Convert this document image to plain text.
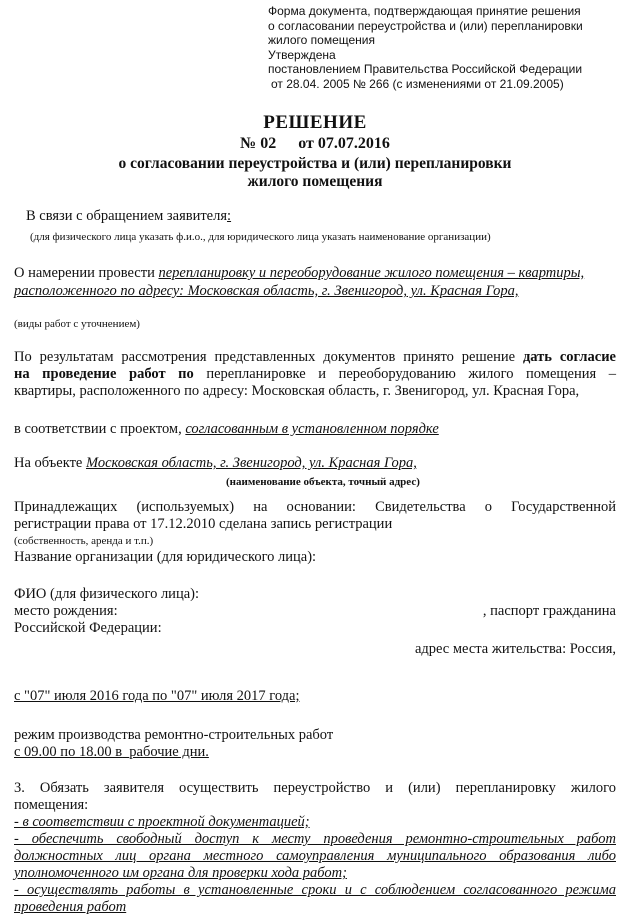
Форма документа, подтверждающая принятие решения
о согласовании переустройства и (или) перепланировки
жилого помещения
Утверждена
постановлением Правительства Российской Федерации
от 28.04. 2005 № 266 (с изменениями от 21.09.2005)
РЕШЕНИЕ
№ 02 от 07.07.2016
о согласовании переустройства и (или) перепланировки
жилого помещения
В связи с обращением заявителя:
(для физического лица указать ф.и.о., для юридического лица указать наименование организации)
О намерении провести перепланировку и переоборудование жилого помещения – квартиры,
расположенного по адресу: Московская область, г. Звенигород, ул. Красная Гора,
(виды работ с уточнением)
По результатам рассмотрения представленных документов принято решение дать согласие
на проведение работ по перепланировке и переоборудованию жилого помещения –
квартиры, расположенного по адресу: Московская область, г. Звенигород, ул. Красная Гора,
в соответствии с проектом, согласованным в установленном порядке
На объекте Московская область, г. Звенигород, ул. Красная Гора,
(наименование объекта, точный адрес)
Принадлежащих (используемых) на основании: Свидетельства о Государственной
регистрации права от 17.12.2010 сделана запись регистрации
(собственность, аренда и т.п.)
Название организации (для юридического лица):
ФИО (для физического лица):
место рождения:	, паспорт гражданина
Российской Федерации:
адрес места жительства: Россия,
с "07" июля 2016 года по "07" июля 2017 года;
режим производства ремонтно-строительных работ
с 09.00 по 18.00 в рабочие дни.
3. Обязать заявителя осуществить переустройство и (или) перепланировку жилого
помещения:
- в соответствии с проектной документацией;
- обеспечить свободный доступ к месту проведения ремонтно-строительных работ
должностных лиц органа местного самоуправления муниципального образования либо
уполномоченного им органа для проверки хода работ;
- осуществлять работы в установленные сроки и с соблюдением согласованного режима
проведения работ
